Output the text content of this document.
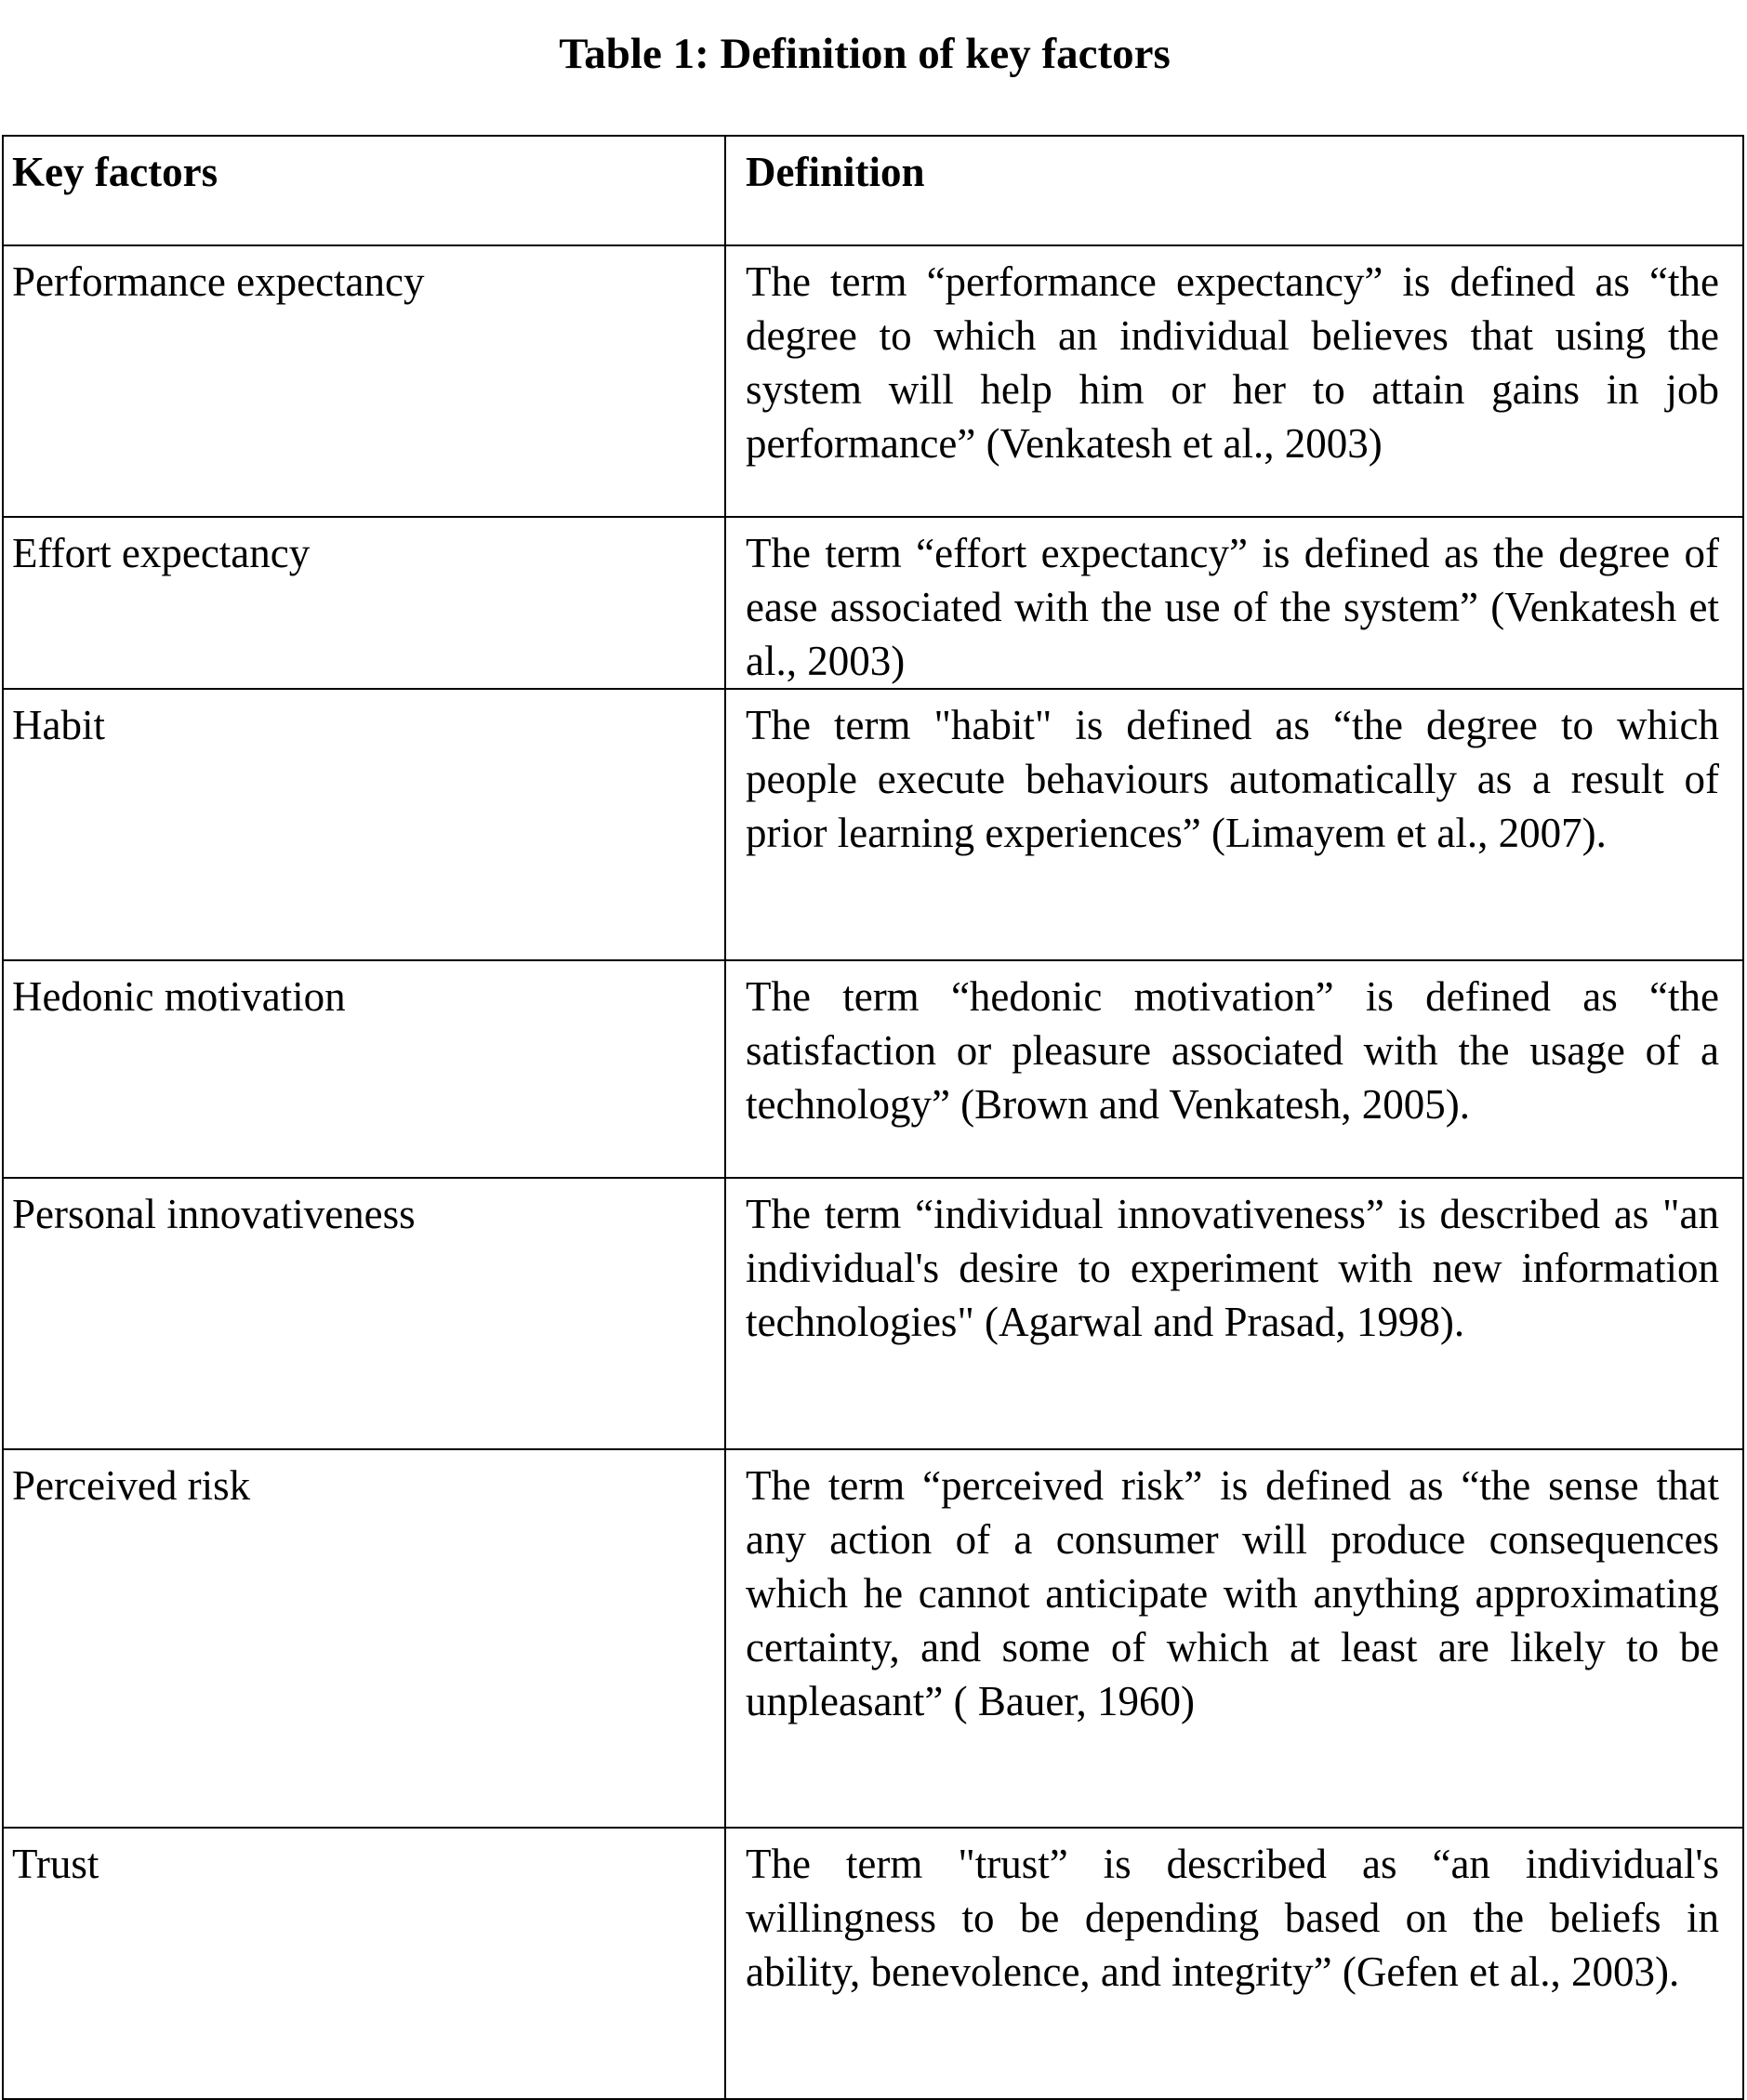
Table 1: Definition of key factors
Key factors	Definition
Performance expectancy	The term “performance expectancy” is defined as “the degree to which an individual believes that using the system will help him or her to attain gains in job performance” (Venkatesh et al., 2003)
Effort expectancy	The term “effort expectancy” is defined as the degree of ease associated with the use of the system” (Venkatesh et al., 2003)
Habit	The term "habit" is defined as “the degree to which people execute behaviours automatically as a result of prior learning experiences” (Limayem et al., 2007).
Hedonic motivation	The term “hedonic motivation” is defined as “the satisfaction or pleasure associated with the usage of a technology” (Brown and Venkatesh, 2005).
Personal innovativeness	The term “individual innovativeness” is described as "an individual's desire to experiment with new information technologies" (Agarwal and Prasad, 1998).
Perceived risk	The term “perceived risk” is defined as “the sense that any action of a consumer will produce consequences which he cannot anticipate with anything approximating certainty, and some of which at least are likely to be unpleasant” ( Bauer, 1960)
Trust	The term "trust” is described as “an individual's willingness to be depending based on the beliefs in ability, benevolence, and integrity” (Gefen et al., 2003).
